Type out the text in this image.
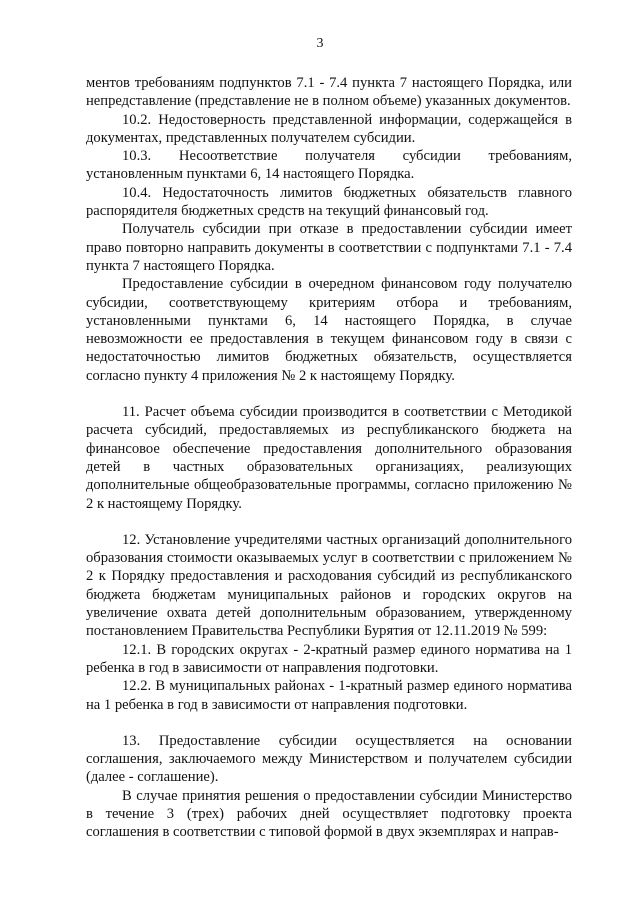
3

ментов требованиям подпунктов 7.1 - 7.4 пункта 7 настоящего Порядка, или непредставление (представление не в полном объеме) указанных документов.

10.2. Недостоверность представленной информации, содержащейся в документах, представленных получателем субсидии.

10.3. Несоответствие получателя субсидии требованиям, установленным пунктами 6, 14 настоящего Порядка.

10.4. Недостаточность лимитов бюджетных обязательств главного распорядителя бюджетных средств на текущий финансовый год.

Получатель субсидии при отказе в предоставлении субсидии имеет право повторно направить документы в соответствии с подпунктами 7.1 - 7.4 пункта 7 настоящего Порядка.

Предоставление субсидии в очередном финансовом году получателю субсидии, соответствующему критериям отбора и требованиям, установленными пунктами 6, 14 настоящего Порядка, в случае невозможности ее предоставления в текущем финансовом году в связи с недостаточностью лимитов бюджетных обязательств, осуществляется согласно пункту 4 приложения № 2 к настоящему Порядку.

11. Расчет объема субсидии производится в соответствии с Методикой расчета субсидий, предоставляемых из республиканского бюджета на финансовое обеспечение предоставления дополнительного образования детей в частных образовательных организациях, реализующих дополнительные общеобразовательные программы, согласно приложению № 2 к настоящему Порядку.

12. Установление учредителями частных организаций дополнительного образования стоимости оказываемых услуг в соответствии с приложением № 2 к Порядку предоставления и расходования субсидий из республиканского бюджета бюджетам муниципальных районов и городских округов на увеличение охвата детей дополнительным образованием, утвержденному постановлением Правительства Республики Бурятия от 12.11.2019 № 599:

12.1. В городских округах - 2-кратный размер единого норматива на 1 ребенка в год в зависимости от направления подготовки.

12.2. В муниципальных районах - 1-кратный размер единого норматива на 1 ребенка в год в зависимости от направления подготовки.

13. Предоставление субсидии осуществляется на основании соглашения, заключаемого между Министерством и получателем субсидии (далее - соглашение).

В случае принятия решения о предоставлении субсидии Министерство в течение 3 (трех) рабочих дней осуществляет подготовку проекта соглашения в соответствии с типовой формой в двух экземплярах и направ-
